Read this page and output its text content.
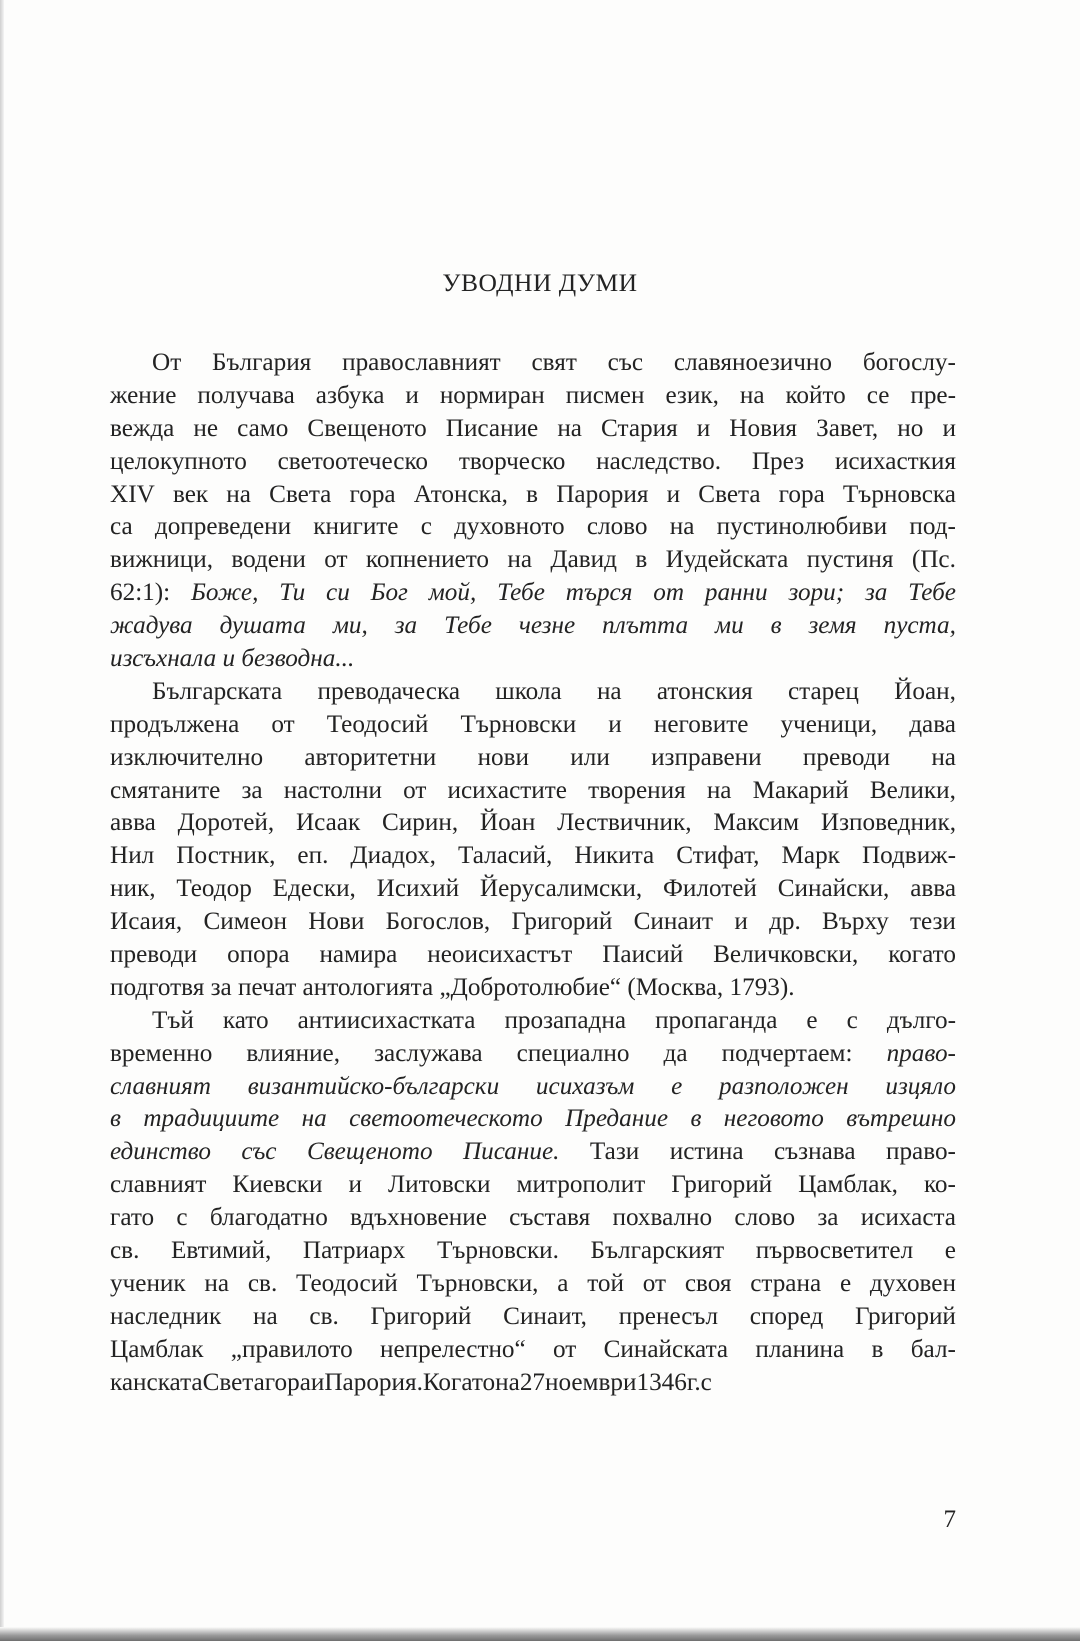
УВОДНИ ДУМИ
От България православният свят със славяноезично богослу-
жение получава азбука и нормиран писмен език, на който се пре-
вежда не само Свещеното Писание на Стария и Новия Завет, но и
целокупното светоотеческо творческо наследство. През исихасткия
XIV век на Света гора Атонска, в Парория и Света гора Търновска
са допреведени книгите с духовното слово на пустинолюбиви под-
вижници, водени от копнението на Давид в Иудейската пустиня (Пс.
62:1): Боже, Ти си Бог мой, Тебе търся от ранни зори; за Тебе
жадува душата ми, за Тебе чезне плътта ми в земя пуста,
изсъхнала и безводна...
Българската преводаческа школа на атонския старец Йоан,
продължена от Теодосий Търновски и неговите ученици, дава
изключително авторитетни нови или изправени преводи на
смятаните за настолни от исихастите творения на Макарий Велики,
авва Доротей, Исаак Сирин, Йоан Лествичник, Максим Изповедник,
Нил Постник, еп. Диадох, Таласий, Никита Стифат, Марк Подвиж-
ник, Теодор Едески, Исихий Йерусалимски, Филотей Синайски, авва
Исаия, Симеон Нови Богослов, Григорий Синаит и др. Върху тези
преводи опора намира неоисихастът Паисий Величковски, когато
подготвя за печат антологията „Добротолюбие“ (Москва, 1793).
Тъй като антиисихастката прозападна пропаганда е с дълго-
временно влияние, заслужава специално да подчертаем: право-
славният византийско-български исихазъм е разположен изцяло
в традициите на светоотеческото Предание в неговото вътрешно
единство със Свещеното Писание. Тази истина съзнава право-
славният Киевски и Литовски митрополит Григорий Цамблак, ко-
гато с благодатно вдъхновение съставя похвално слово за исихаста
св. Евтимий, Патриарх Търновски. Българският първосветител е
ученик на св. Теодосий Търновски, а той от своя страна е духовен
наследник на св. Григорий Синаит, пренесъл според Григорий
Цамблак „правилото непрелестно“ от Синайската планина в бал-
канската Света гора и Парория. Когато на 27 ноември 1346 г. с
7
